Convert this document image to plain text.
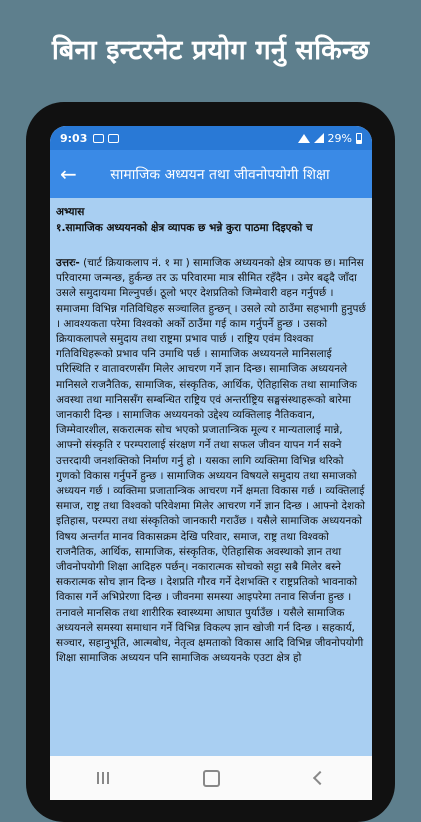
बिना इन्टरनेट प्रयोग गर्नु सकिन्छ
9:03	29%
←	सामाजिक अध्ययन तथा जीवनोपयोगी शिक्षा
अभ्यास
१.सामाजिक अध्ययनको क्षेत्र व्यापक छ भन्ने कुरा पाठमा दिइएको च
उत्तरः- (चार्ट क्रियाकलाप नं. १ मा ) सामाजिक अध्ययनको क्षेत्र व्यापक छ। मानिस परिवारमा जन्मन्छ, हुर्कन्छ तर ऊ परिवारमा मात्र सीमित रहँदैन । उमेर बढ्दै जाँदा उसले समुदायमा मिल्नुपर्छ। ठूलो भएर देशप्रतिको जिम्मेवारी वहन गर्नुपर्छ । समाजमा विभिन्न गतिविधिहरु सञ्चालित हुन्छन् । उसले त्यो ठाउँमा सहभागी हुनुपर्छ । आवश्यकता परेमा विश्वको अर्को ठाउँमा गई काम गर्नुपर्ने हुन्छ । उसको क्रियाकलापले समुदाय तथा राष्ट्रमा प्रभाव पार्छ । राष्ट्रिय एवंम विश्वका गतिविधिहरूको प्रभाव पनि उमाथि पर्छ । सामाजिक अध्ययनले मानिसलाई परिस्थिति र वातावरणसँग मिलेर आचरण गर्ने ज्ञान दिन्छ। सामाजिक अध्ययनले मानिसले राजनैतिक, सामाजिक, संस्कृतिक, आर्थिक, ऐतिहासिक तथा सामाजिक अवस्था तथा मानिससँग सम्बन्धित राष्ट्रिय एवं अन्तर्राष्ट्रिय सङ्घसंस्थाहरूको बारेमा जानकारी दिन्छ । सामाजिक अध्ययनको उद्देश्य व्यक्तिलाइ नैतिकवान, जिम्मेवारशील, सकरात्मक सोच भएको प्रजातान्त्रिक मूल्य र मान्यतालाई मान्ने, आफ्नो संस्कृति र परम्परालाई संरक्षण गर्ने तथा सफल जीवन यापन गर्न सक्ने उत्तरदायी जनशक्तिको निर्माण गर्नु हो । यसका लागि व्यक्तिमा विभिन्न थरिको गुणको विकास गर्नुपर्ने हुन्छ । सामाजिक अध्ययन विषयले समुदाय तथा समाजको अध्ययन गर्छ । व्यक्तिमा प्रजातान्त्रिक आचरण गर्ने क्षमता विकास गर्छ । व्यक्तिलाई समाज, राष्ट्र तथा विश्वको परिवेशमा मिलेर आचरण गर्ने ज्ञान दिन्छ । आफ्नो देशको इतिहास, परम्परा तथा संस्कृतिको जानकारी गराउँछ । यसैले सामाजिक अध्ययनको विषय अन्तर्गत मानव विकासक्रम देखि परिवार, समाज, राष्ट्र तथा विश्वको राजनैतिक, आर्थिक, सामाजिक, संस्कृतिक, ऐतिहासिक अवस्थाको ज्ञान तथा जीवनोपयोगी शिक्षा आदिहरु पर्छन्। नकारात्मक सोचको सट्टा सबै मिलेर बस्ने सकरात्मक सोच ज्ञान दिन्छ । देशप्रति गौरव गर्ने देशभक्ति र राष्ट्रप्रतिको भावनाको विकास गर्ने अभिप्रेरणा दिन्छ । जीवनमा समस्या आइपरेमा तनाव सिर्जना हुन्छ । तनावले मानसिक तथा शारीरिक स्वास्थ्यमा आघात पुर्याउँछ । यसैले सामाजिक अध्ययनले समस्या समाधान गर्ने विभिन्न विकल्प ज्ञान खोजी गर्न दिन्छ । सहकार्य, सञ्चार, सहानुभूति, आत्मबोध, नेतृत्व क्षमताको विकास आदि विभिन्न जीवनोपयोगी शिक्षा सामाजिक अध्ययन पनि सामाजिक अध्ययनके एउटा क्षेत्र हो
